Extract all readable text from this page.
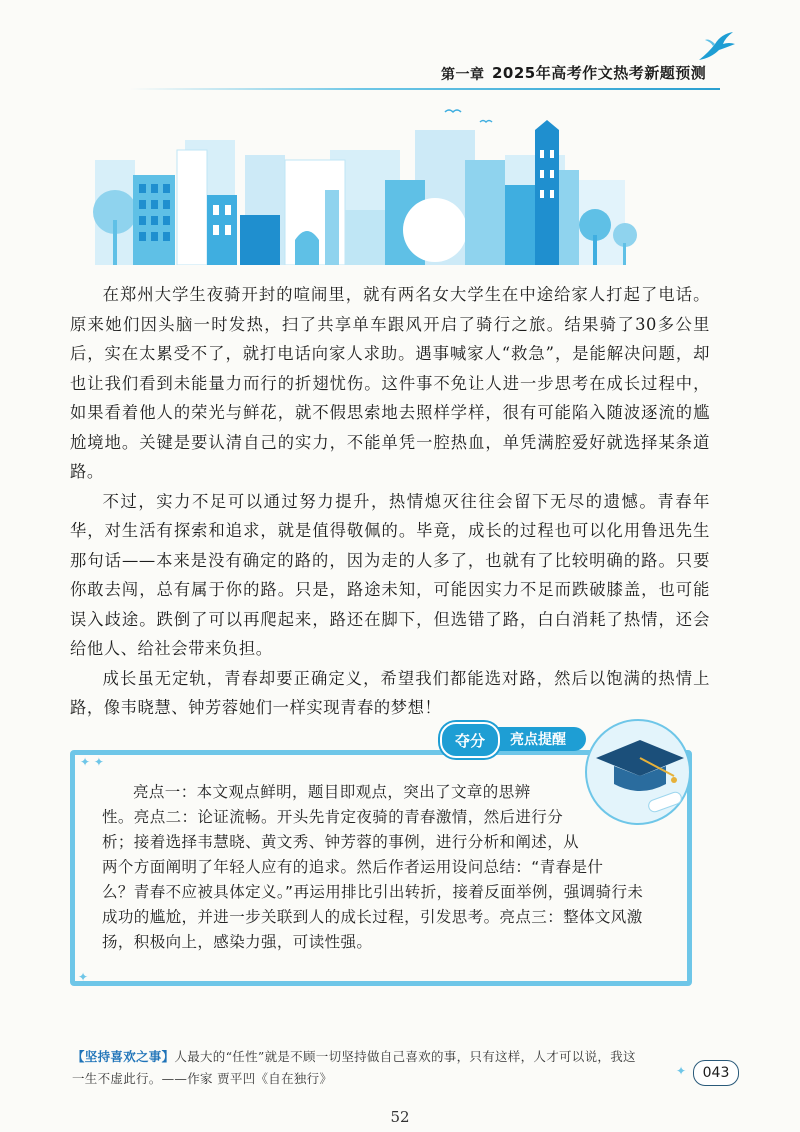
第一章 2025年高考作文热考新题预测

在郑州大学生夜骑开封的喧闹里，就有两名女大学生在中途给家人打起了电话。原来她们因头脑一时发热，扫了共享单车跟风开启了骑行之旅。结果骑了30多公里后，实在太累受不了，就打电话向家人求助。遇事喊家人“救急”，是能解决问题，却也让我们看到未能量力而行的折翅忧伤。这件事不免让人进一步思考在成长过程中，如果看着他人的荣光与鲜花，就不假思索地去照样学样，很有可能陷入随波逐流的尴尬境地。关键是要认清自己的实力，不能单凭一腔热血，单凭满腔爱好就选择某条道路。

不过，实力不足可以通过努力提升，热情熄灭往往会留下无尽的遗憾。青春年华，对生活有探索和追求，就是值得敬佩的。毕竟，成长的过程也可以化用鲁迅先生那句话——本来是没有确定的路的，因为走的人多了，也就有了比较明确的路。只要你敢去闯，总有属于你的路。只是，路途未知，可能因实力不足而跌破膝盖，也可能误入歧途。跌倒了可以再爬起来，路还在脚下，但选错了路，白白消耗了热情，还会给他人、给社会带来负担。

成长虽无定轨，青春却要正确定义，希望我们都能选对路，然后以饱满的热情上路，像韦晓慧、钟芳蓉她们一样实现青春的梦想！

✦ ✦
✦
亮点提醒
夺分
亮点一：本文观点鲜明，题目即观点，突出了文章的思辨
性。亮点二：论证流畅。开头先肯定夜骑的青春激情，然后进行分
析；接着选择韦慧晓、黄文秀、钟芳蓉的事例，进行分析和阐述，从
两个方面阐明了年轻人应有的追求。然后作者运用设问总结：“青春是什
么？青春不应被具体定义。”再运用排比引出转折，接着反面举例，强调骑行未
成功的尴尬，并进一步关联到人的成长过程，引发思考。亮点三：整体文风激
扬，积极向上，感染力强，可读性强。
【坚持喜欢之事】人最大的“任性”就是不顾一切坚持做自己喜欢的事，只有这样，人才可以说，我这
一生不虚此行。——作家 贾平凹《自在独行》	✦	043
52
